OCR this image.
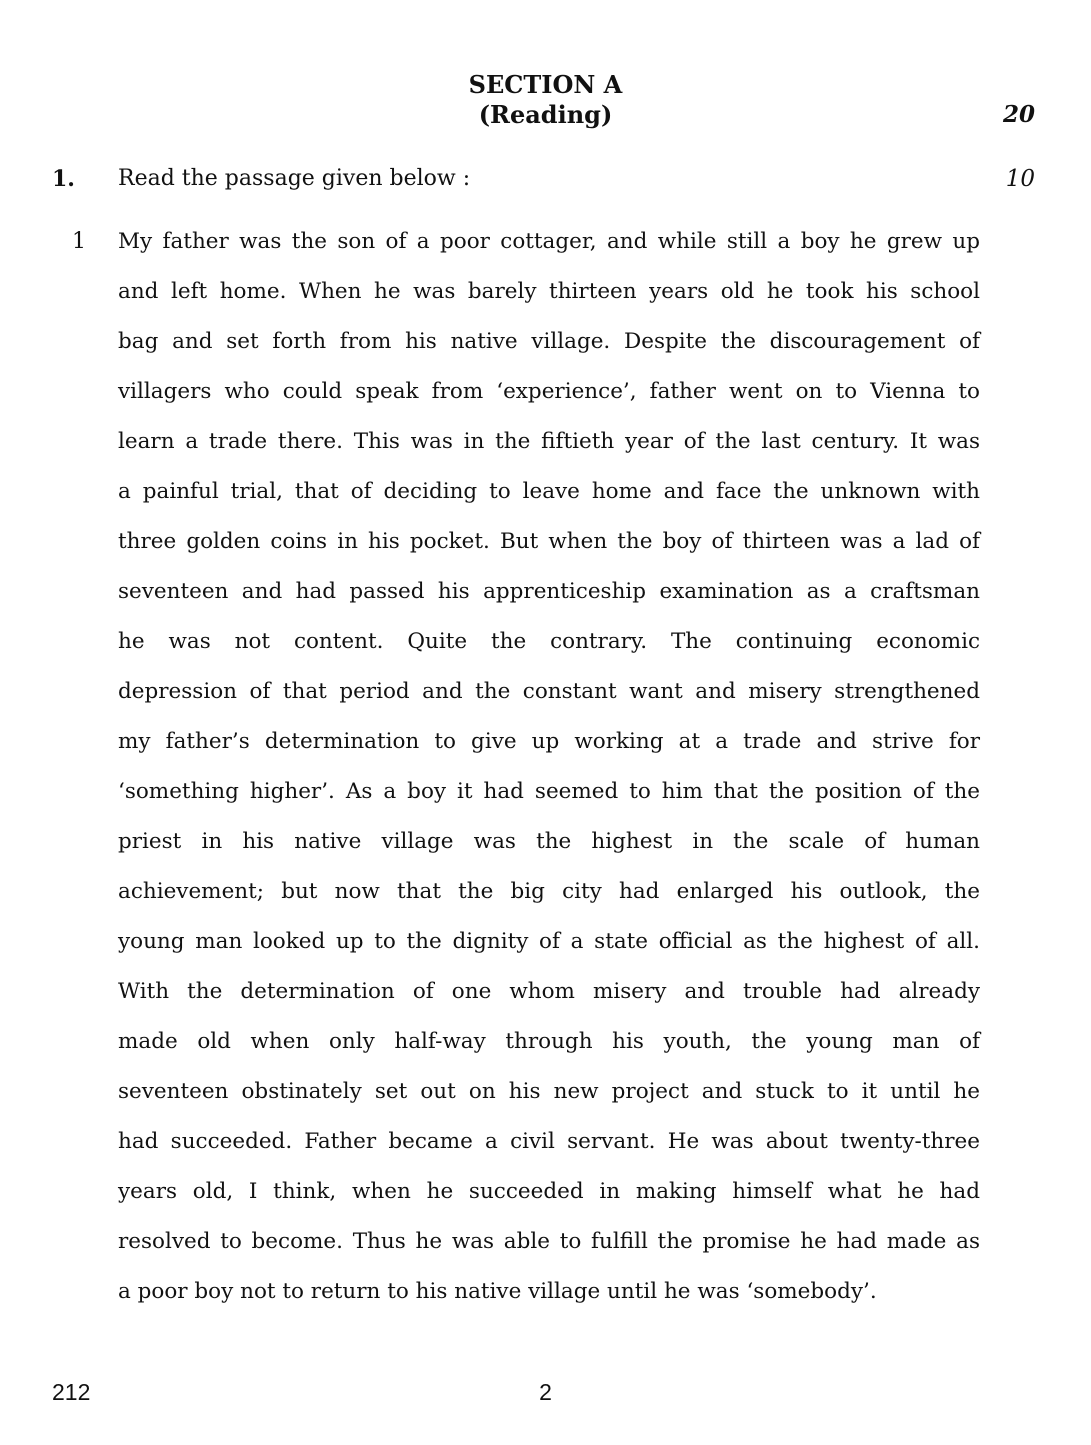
SECTION A
(Reading)	20
1. Read the passage given below :	10
1 My father was the son of a poor cottager, and while still a boy he grew up
and left home. When he was barely thirteen years old he took his school
bag and set forth from his native village. Despite the discouragement of
villagers who could speak from ‘experience’, father went on to Vienna to
learn a trade there. This was in the fiftieth year of the last century. It was
a painful trial, that of deciding to leave home and face the unknown with
three golden coins in his pocket. But when the boy of thirteen was a lad of
seventeen and had passed his apprenticeship examination as a craftsman
he was not content. Quite the contrary. The continuing economic
depression of that period and the constant want and misery strengthened
my father’s determination to give up working at a trade and strive for
‘something higher’. As a boy it had seemed to him that the position of the
priest in his native village was the highest in the scale of human
achievement; but now that the big city had enlarged his outlook, the
young man looked up to the dignity of a state official as the highest of all.
With the determination of one whom misery and trouble had already
made old when only half-way through his youth, the young man of
seventeen obstinately set out on his new project and stuck to it until he
had succeeded. Father became a civil servant. He was about twenty-three
years old, I think, when he succeeded in making himself what he had
resolved to become. Thus he was able to fulfill the promise he had made as
a poor boy not to return to his native village until he was ‘somebody’.
212	2
